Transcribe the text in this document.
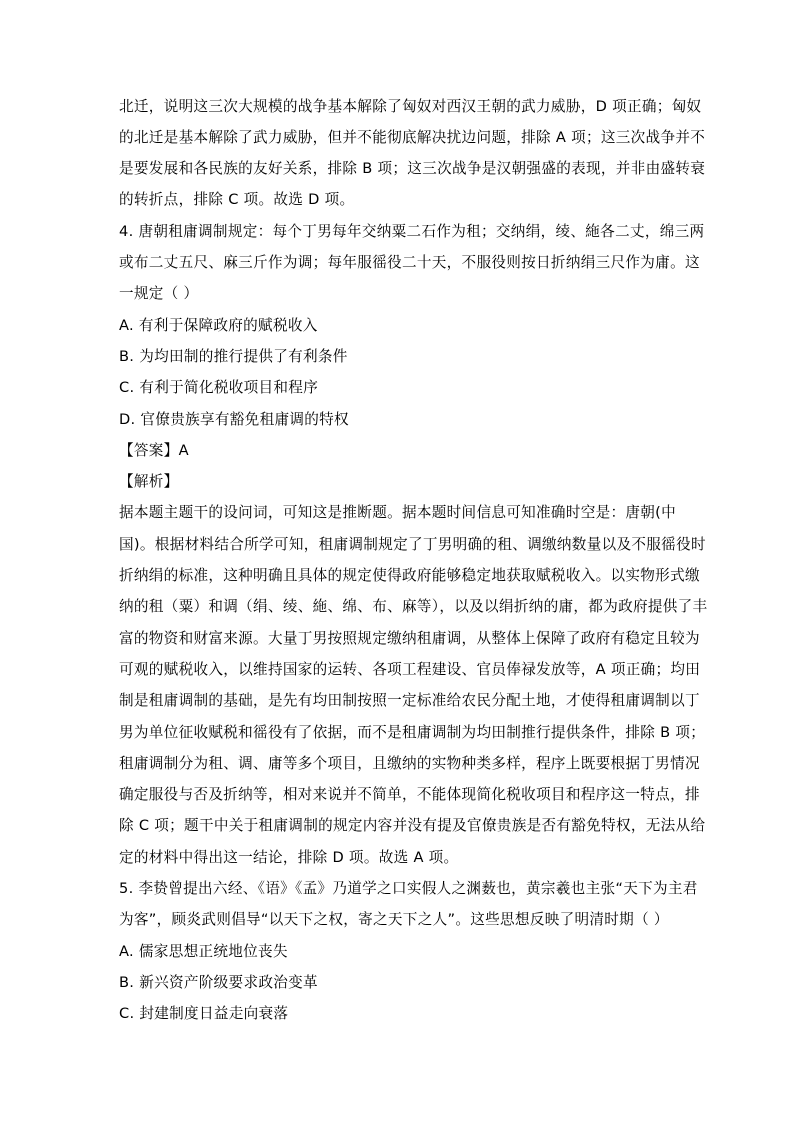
北迁，说明这三次大规模的战争基本解除了匈奴对西汉王朝的武力威胁，D 项正确；匈奴
的北迁是基本解除了武力威胁，但并不能彻底解决扰边问题，排除 A 项；这三次战争并不
是要发展和各民族的友好关系，排除 B 项；这三次战争是汉朝强盛的表现，并非由盛转衰
的转折点，排除 C 项。故选 D 项。
4. 唐朝租庸调制规定：每个丁男每年交纳粟二石作为租；交纳绢，绫、絁各二丈，绵三两
或布二丈五尺、麻三斤作为调；每年服徭役二十天，不服役则按日折纳绢三尺作为庸。这
一规定（ ）
A. 有利于保障政府的赋税收入
B. 为均田制的推行提供了有利条件
C. 有利于简化税收项目和程序
D. 官僚贵族享有豁免租庸调的特权
【答案】A
【解析】
据本题主题干的设问词，可知这是推断题。据本题时间信息可知准确时空是：唐朝(中
国)。根据材料结合所学可知，租庸调制规定了丁男明确的租、调缴纳数量以及不服徭役时
折纳绢的标准，这种明确且具体的规定使得政府能够稳定地获取赋税收入。以实物形式缴
纳的租（粟）和调（绢、绫、絁、绵、布、麻等），以及以绢折纳的庸，都为政府提供了丰
富的物资和财富来源。大量丁男按照规定缴纳租庸调，从整体上保障了政府有稳定且较为
可观的赋税收入，以维持国家的运转、各项工程建设、官员俸禄发放等，A 项正确；均田
制是租庸调制的基础，是先有均田制按照一定标准给农民分配土地，才使得租庸调制以丁
男为单位征收赋税和徭役有了依据，而不是租庸调制为均田制推行提供条件，排除 B 项；
租庸调制分为租、调、庸等多个项目，且缴纳的实物种类多样，程序上既要根据丁男情况
确定服役与否及折纳等，相对来说并不简单，不能体现简化税收项目和程序这一特点，排
除 C 项；题干中关于租庸调制的规定内容并没有提及官僚贵族是否有豁免特权，无法从给
定的材料中得出这一结论，排除 D 项。故选 A 项。
5. 李贽曾提出六经、《语》《孟》乃道学之口实假人之渊薮也，黄宗羲也主张“天下为主君
为客”，顾炎武则倡导“以天下之权，寄之天下之人”。这些思想反映了明清时期（ ）
A. 儒家思想正统地位丧失
B. 新兴资产阶级要求政治变革
C. 封建制度日益走向衰落
